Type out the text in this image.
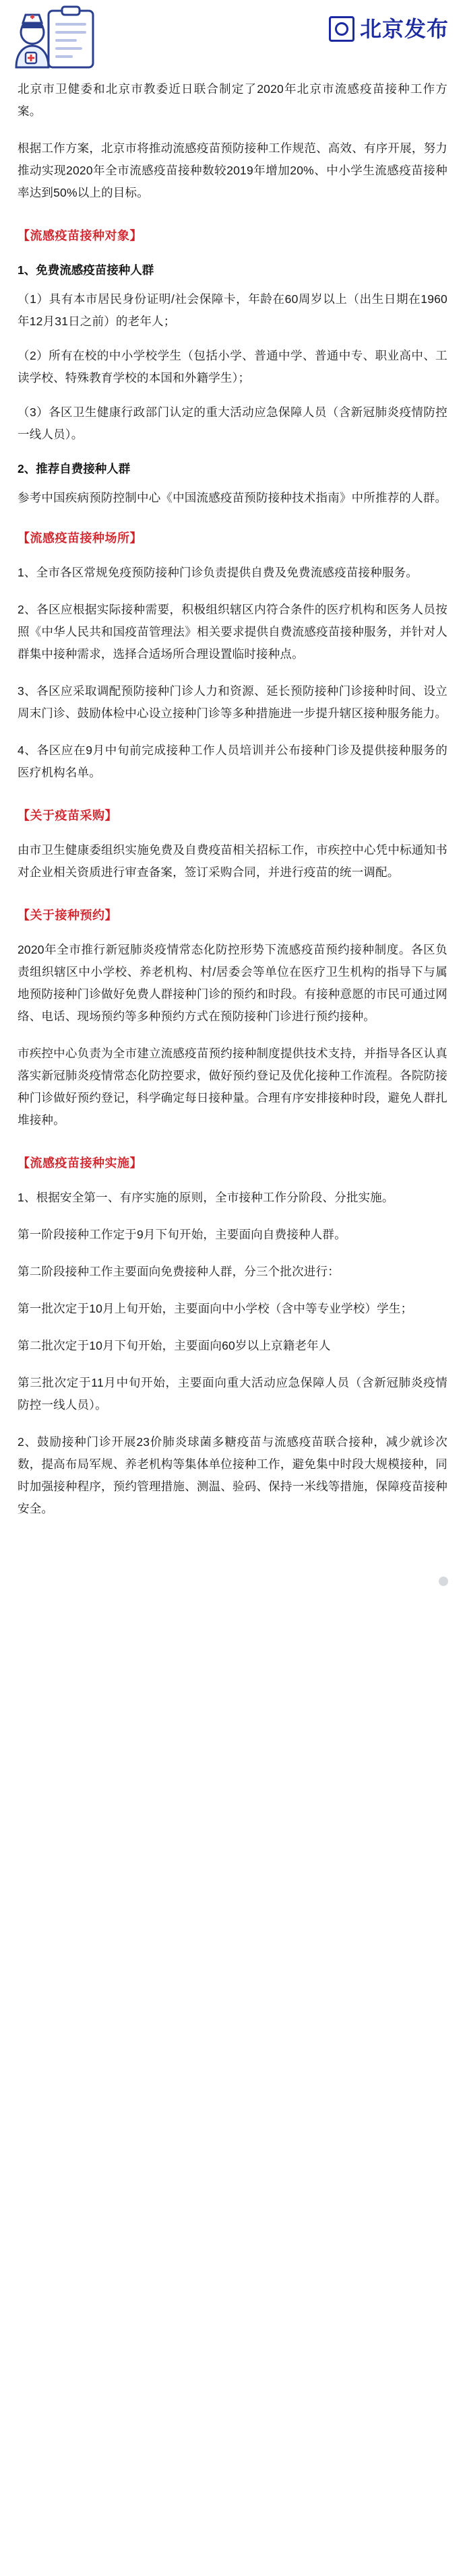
北京发布

北京市卫健委和北京市教委近日联合制定了2020年北京市流感疫苗接种工作方案。

根据工作方案，北京市将推动流感疫苗预防接种工作规范、高效、有序开展，努力推动实现2020年全市流感疫苗接种数较2019年增加20%、中小学生流感疫苗接种率达到50%以上的目标。

【流感疫苗接种对象】

1、免费流感疫苗接种人群

（1）具有本市居民身份证明/社会保障卡，年龄在60周岁以上（出生日期在1960年12月31日之前）的老年人；

（2）所有在校的中小学校学生（包括小学、普通中学、普通中专、职业高中、工读学校、特殊教育学校的本国和外籍学生）；

（3）各区卫生健康行政部门认定的重大活动应急保障人员（含新冠肺炎疫情防控一线人员）。

2、推荐自费接种人群

参考中国疾病预防控制中心《中国流感疫苗预防接种技术指南》中所推荐的人群。

【流感疫苗接种场所】

1、全市各区常规免疫预防接种门诊负责提供自费及免费流感疫苗接种服务。

2、各区应根据实际接种需要，积极组织辖区内符合条件的医疗机构和医务人员按照《中华人民共和国疫苗管理法》相关要求提供自费流感疫苗接种服务，并针对人群集中接种需求，选择合适场所合理设置临时接种点。

3、各区应采取调配预防接种门诊人力和资源、延长预防接种门诊接种时间、设立周末门诊、鼓励体检中心设立接种门诊等多种措施进一步提升辖区接种服务能力。

4、各区应在9月中旬前完成接种工作人员培训并公布接种门诊及提供接种服务的医疗机构名单。

【关于疫苗采购】

由市卫生健康委组织实施免费及自费疫苗相关招标工作，市疾控中心凭中标通知书对企业相关资质进行审查备案，签订采购合同，并进行疫苗的统一调配。

【关于接种预约】

2020年全市推行新冠肺炎疫情常态化防控形势下流感疫苗预约接种制度。各区负责组织辖区中小学校、养老机构、村/居委会等单位在医疗卫生机构的指导下与属地预防接种门诊做好免费人群接种门诊的预约和时段。有接种意愿的市民可通过网络、电话、现场预约等多种预约方式在预防接种门诊进行预约接种。

市疾控中心负责为全市建立流感疫苗预约接种制度提供技术支持，并指导各区认真落实新冠肺炎疫情常态化防控要求，做好预约登记及优化接种工作流程。各院防接种门诊做好预约登记，科学确定每日接种量。合理有序安排接种时段，避免人群扎堆接种。

【流感疫苗接种实施】

1、根据安全第一、有序实施的原则，全市接种工作分阶段、分批实施。

第一阶段接种工作定于9月下旬开始，主要面向自费接种人群。

第二阶段接种工作主要面向免费接种人群，分三个批次进行：

第一批次定于10月上旬开始，主要面向中小学校（含中等专业学校）学生；

第二批次定于10月下旬开始，主要面向60岁以上京籍老年人

第三批次定于11月中旬开始，主要面向重大活动应急保障人员（含新冠肺炎疫情防控一线人员）。

2、鼓励接种门诊开展23价肺炎球菌多糖疫苗与流感疫苗联合接种，减少就诊次数，提高布局军规、养老机构等集体单位接种工作，避免集中时段大规模接种，同时加强接种程序，预约管理措施、测温、验码、保持一米线等措施，保障疫苗接种安全。
